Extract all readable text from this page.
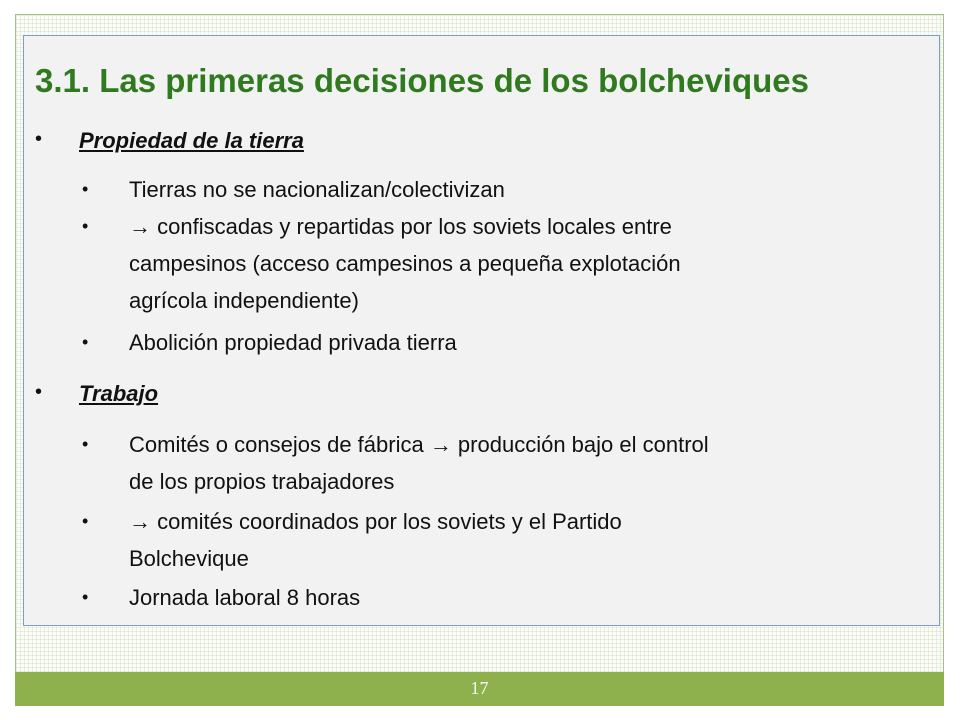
3.1. Las primeras decisiones de los bolcheviques
•	Propiedad de la tierra
• Tierras no se nacionalizan/colectivizan
• → confiscadas y repartidas por los soviets locales entre
campesinos (acceso campesinos a pequeña explotación
agrícola independiente)
• Abolición propiedad privada tierra
•	Trabajo
• Comités o consejos de fábrica → producción bajo el control
de los propios trabajadores
• → comités coordinados por los soviets y el Partido
Bolchevique
• Jornada laboral 8 horas
17
